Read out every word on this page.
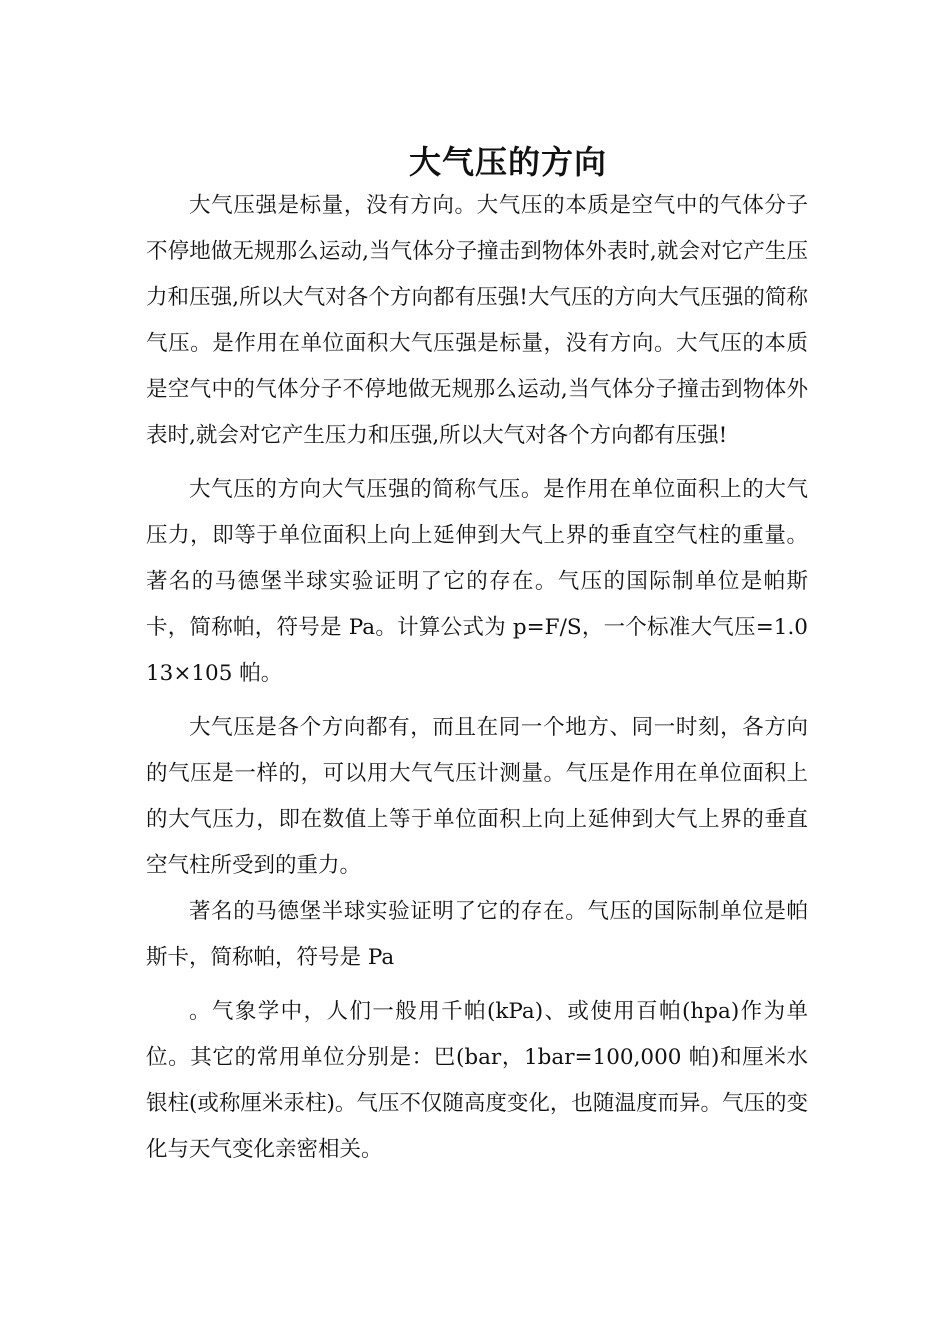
大气压的方向

大气压强是标量，没有方向。大气压的本质是空气中的气体分子不停地做无规那么运动,当气体分子撞击到物体外表时,就会对它产生压力和压强,所以大气对各个方向都有压强!大气压的方向大气压强的简称气压。是作用在单位面积大气压强是标量，没有方向。大气压的本质是空气中的气体分子不停地做无规那么运动,当气体分子撞击到物体外表时,就会对它产生压力和压强,所以大气对各个方向都有压强!

大气压的方向大气压强的简称气压。是作用在单位面积上的大气压力，即等于单位面积上向上延伸到大气上界的垂直空气柱的重量。著名的马德堡半球实验证明了它的存在。气压的国际制单位是帕斯卡，简称帕，符号是 Pa。计算公式为 p=F/S，一个标准大气压=1.013×105 帕。

大气压是各个方向都有，而且在同一个地方、同一时刻，各方向的气压是一样的，可以用大气气压计测量。气压是作用在单位面积上的大气压力，即在数值上等于单位面积上向上延伸到大气上界的垂直空气柱所受到的重力。

著名的马德堡半球实验证明了它的存在。气压的国际制单位是帕斯卡，简称帕，符号是 Pa

。气象学中，人们一般用千帕(kPa)、或使用百帕(hpa)作为单位。其它的常用单位分别是：巴(bar，1bar=100,000 帕)和厘米水银柱(或称厘米汞柱)。气压不仅随高度变化，也随温度而异。气压的变化与天气变化亲密相关。
